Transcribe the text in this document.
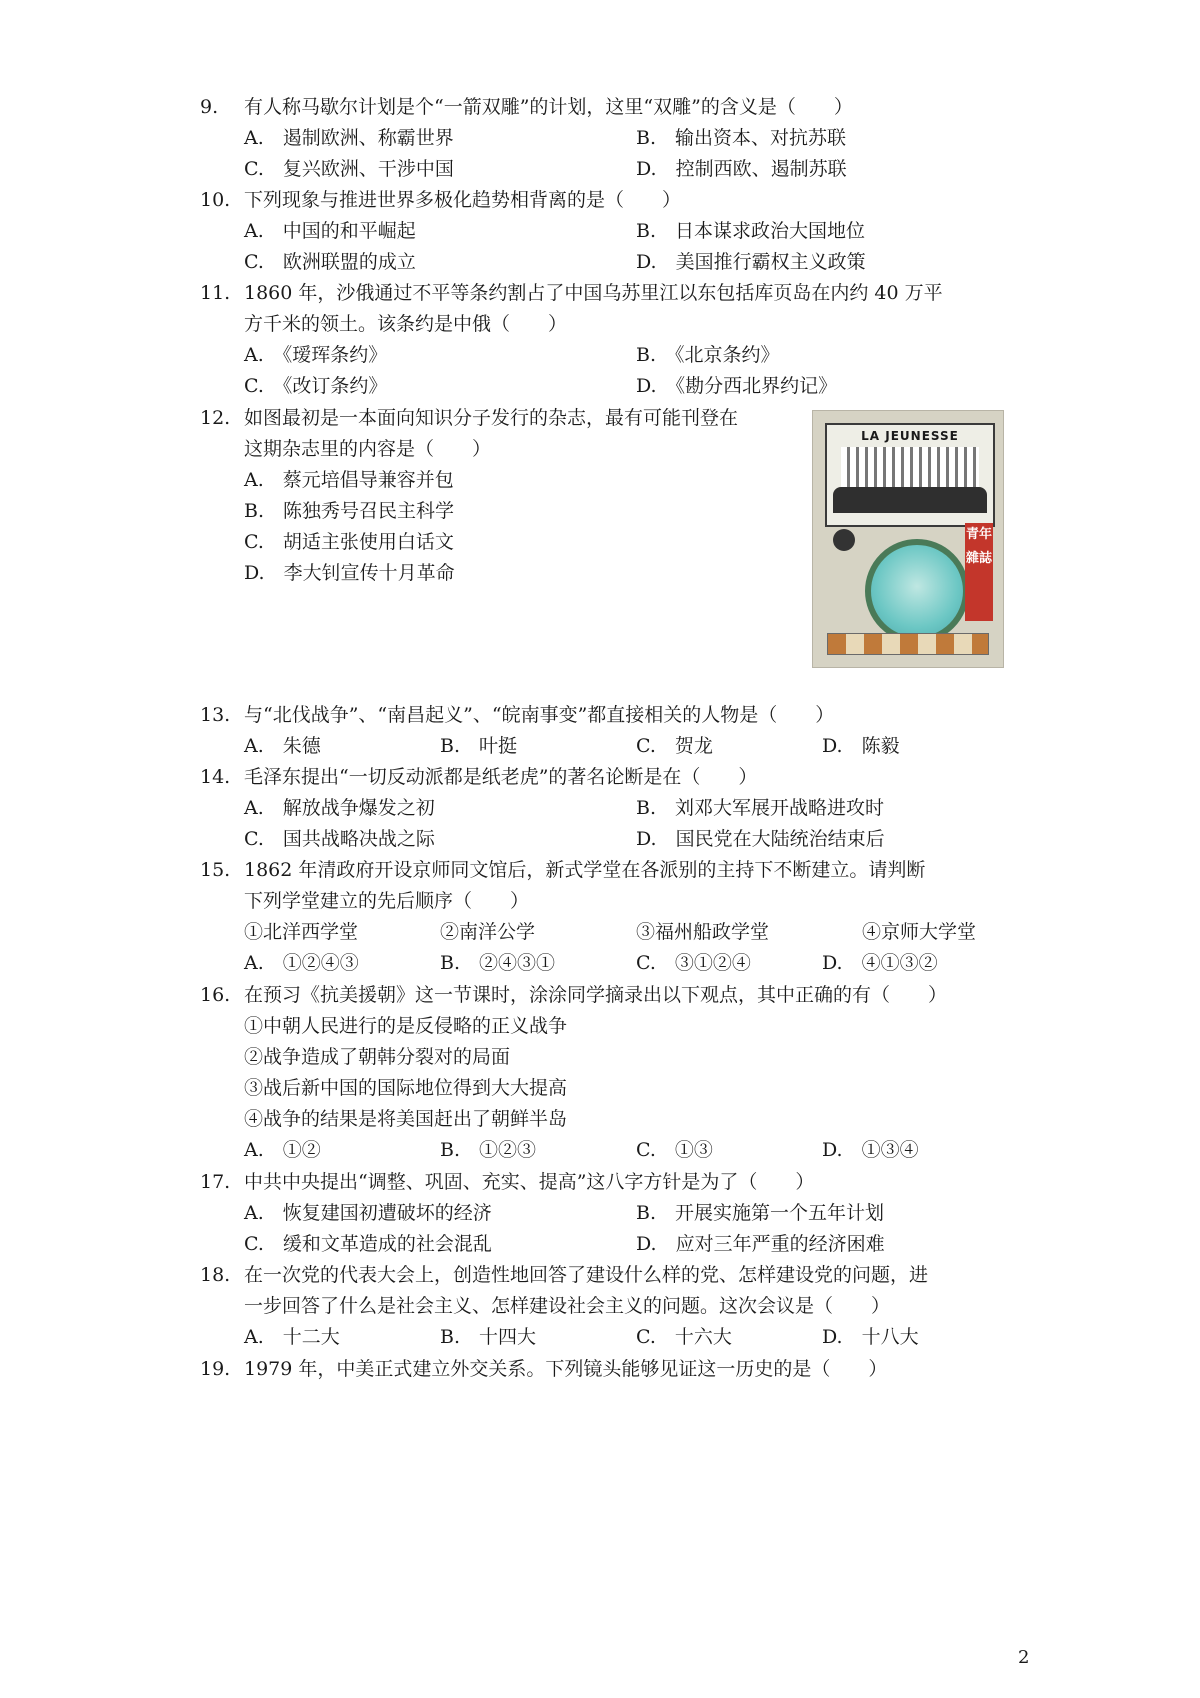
9. 有人称马歇尔计划是个“一箭双雕”的计划，这里“双雕”的含义是（　　）
A.　遏制欧洲、称霸世界	B.　输出资本、对抗苏联
C.　复兴欧洲、干涉中国	D.　控制西欧、遏制苏联
10. 下列现象与推进世界多极化趋势相背离的是（　　）
A.　中国的和平崛起	B.　日本谋求政治大国地位
C.　欧洲联盟的成立	D.　美国推行霸权主义政策
11. 1860 年，沙俄通过不平等条约割占了中国乌苏里江以东包括库页岛在内约 40 万平
方千米的领土。该条约是中俄（　　）
A.　《瑷珲条约》	B.　《北京条约》
C.　《改订条约》	D.　《勘分西北界约记》
12. 如图最初是一本面向知识分子发行的杂志，最有可能刊登在
这期杂志里的内容是（　　）
A.　蔡元培倡导兼容并包
B.　陈独秀号召民主科学
C.　胡适主张使用白话文
D.　李大钊宣传十月革命
LA JEUNESSE
青年雜誌
13. 与“北伐战争”、“南昌起义”、“皖南事变”都直接相关的人物是（　　）
A.　朱德	B.　叶挺	C.　贺龙	D.　陈毅
14. 毛泽东提出“一切反动派都是纸老虎”的著名论断是在（　　）
A.　解放战争爆发之初	B.　刘邓大军展开战略进攻时
C.　国共战略决战之际	D.　国民党在大陆统治结束后
15. 1862 年清政府开设京师同文馆后，新式学堂在各派别的主持下不断建立。请判断
下列学堂建立的先后顺序（　　）
①北洋西学堂	②南洋公学	③福州船政学堂	④京师大学堂
A.　①②④③	B.　②④③①	C.　③①②④	D.　④①③②
16. 在预习《抗美援朝》这一节课时，涂涂同学摘录出以下观点，其中正确的有（　　）
①中朝人民进行的是反侵略的正义战争
②战争造成了朝韩分裂对的局面
③战后新中国的国际地位得到大大提高
④战争的结果是将美国赶出了朝鲜半岛
A.　①②	B.　①②③	C.　①③	D.　①③④
17. 中共中央提出“调整、巩固、充实、提高”这八字方针是为了（　　）
A.　恢复建国初遭破坏的经济	B.　开展实施第一个五年计划
C.　缓和文革造成的社会混乱	D.　应对三年严重的经济困难
18. 在一次党的代表大会上，创造性地回答了建设什么样的党、怎样建设党的问题，进
一步回答了什么是社会主义、怎样建设社会主义的问题。这次会议是（　　）
A.　十二大	B.　十四大	C.　十六大	D.　十八大
19. 1979 年，中美正式建立外交关系。下列镜头能够见证这一历史的是（　　）
2
